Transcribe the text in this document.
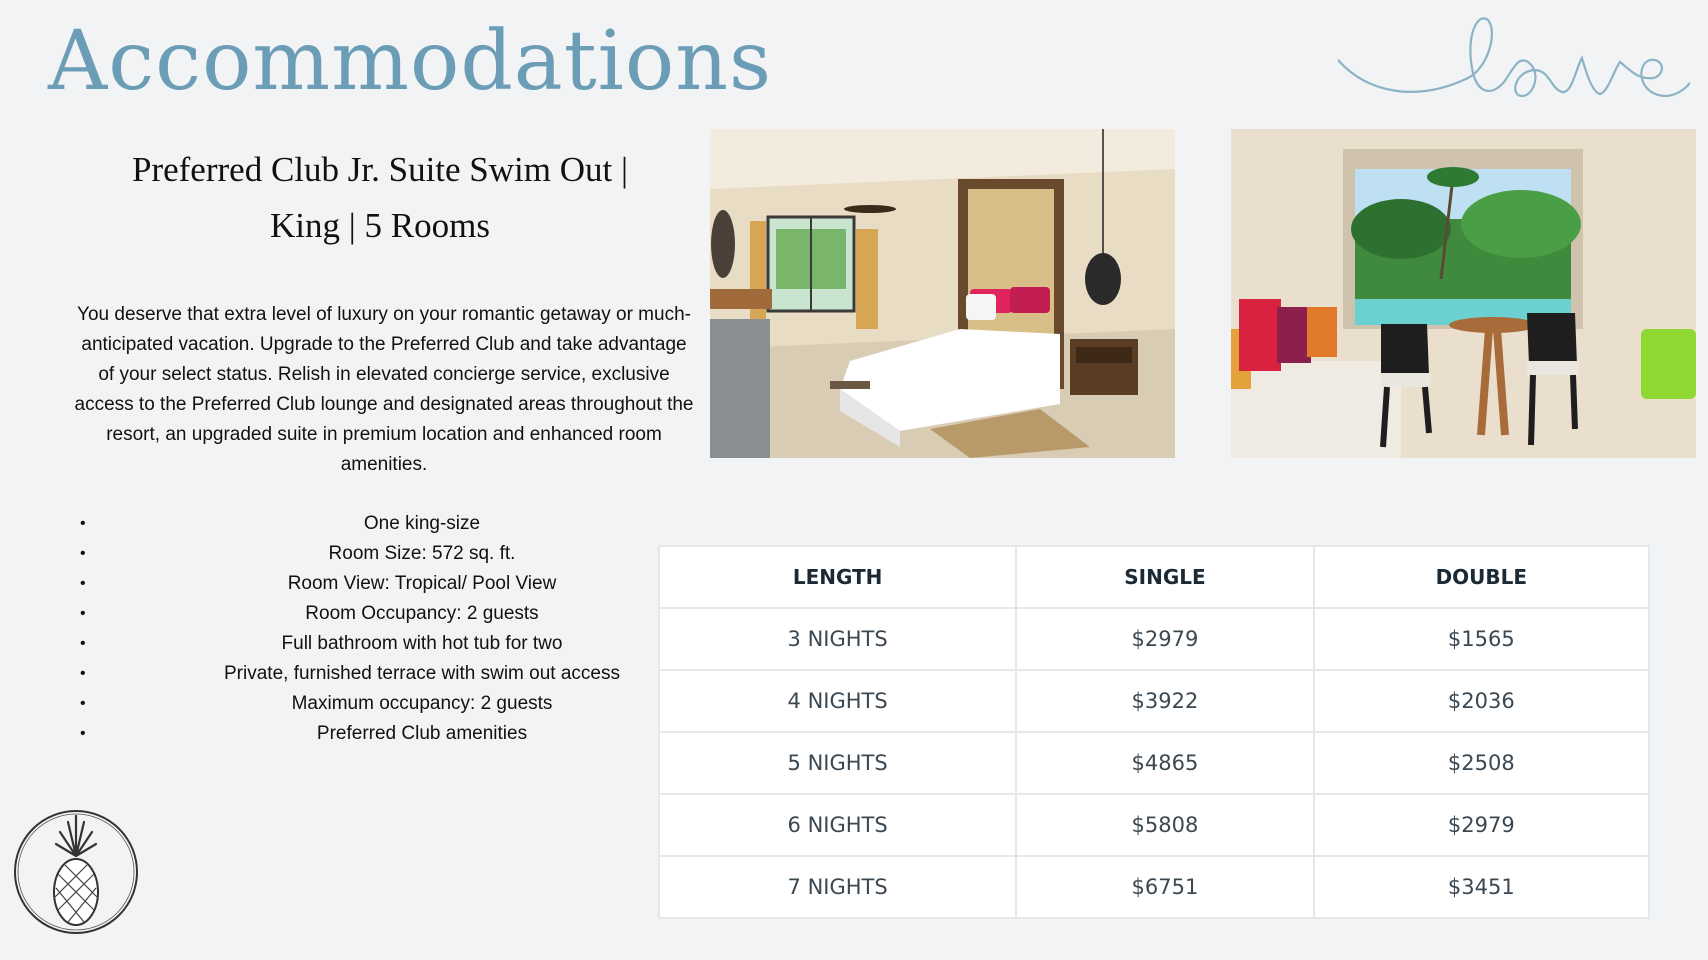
Accommodations	love
Preferred Club Jr. Suite Swim Out |
King | 5 Rooms

You deserve that extra level of luxury on your romantic getaway or much-anticipated vacation. Upgrade to the Preferred Club and take advantage of your select status. Relish in elevated concierge service, exclusive access to the Preferred Club lounge and designated areas throughout the resort, an upgraded suite in premium location and enhanced room amenities.

• One king-size
• Room Size: 572 sq. ft.
• Room View: Tropical/ Pool View
• Room Occupancy: 2 guests
• Full bathroom with hot tub for two
• Private, furnished terrace with swim out access
• Maximum occupancy: 2 guests
• Preferred Club amenities
LENGTH	SINGLE	DOUBLE
3 NIGHTS	$2979	$1565
4 NIGHTS	$3922	$2036
5 NIGHTS	$4865	$2508
6 NIGHTS	$5808	$2979
7 NIGHTS	$6751	$3451
